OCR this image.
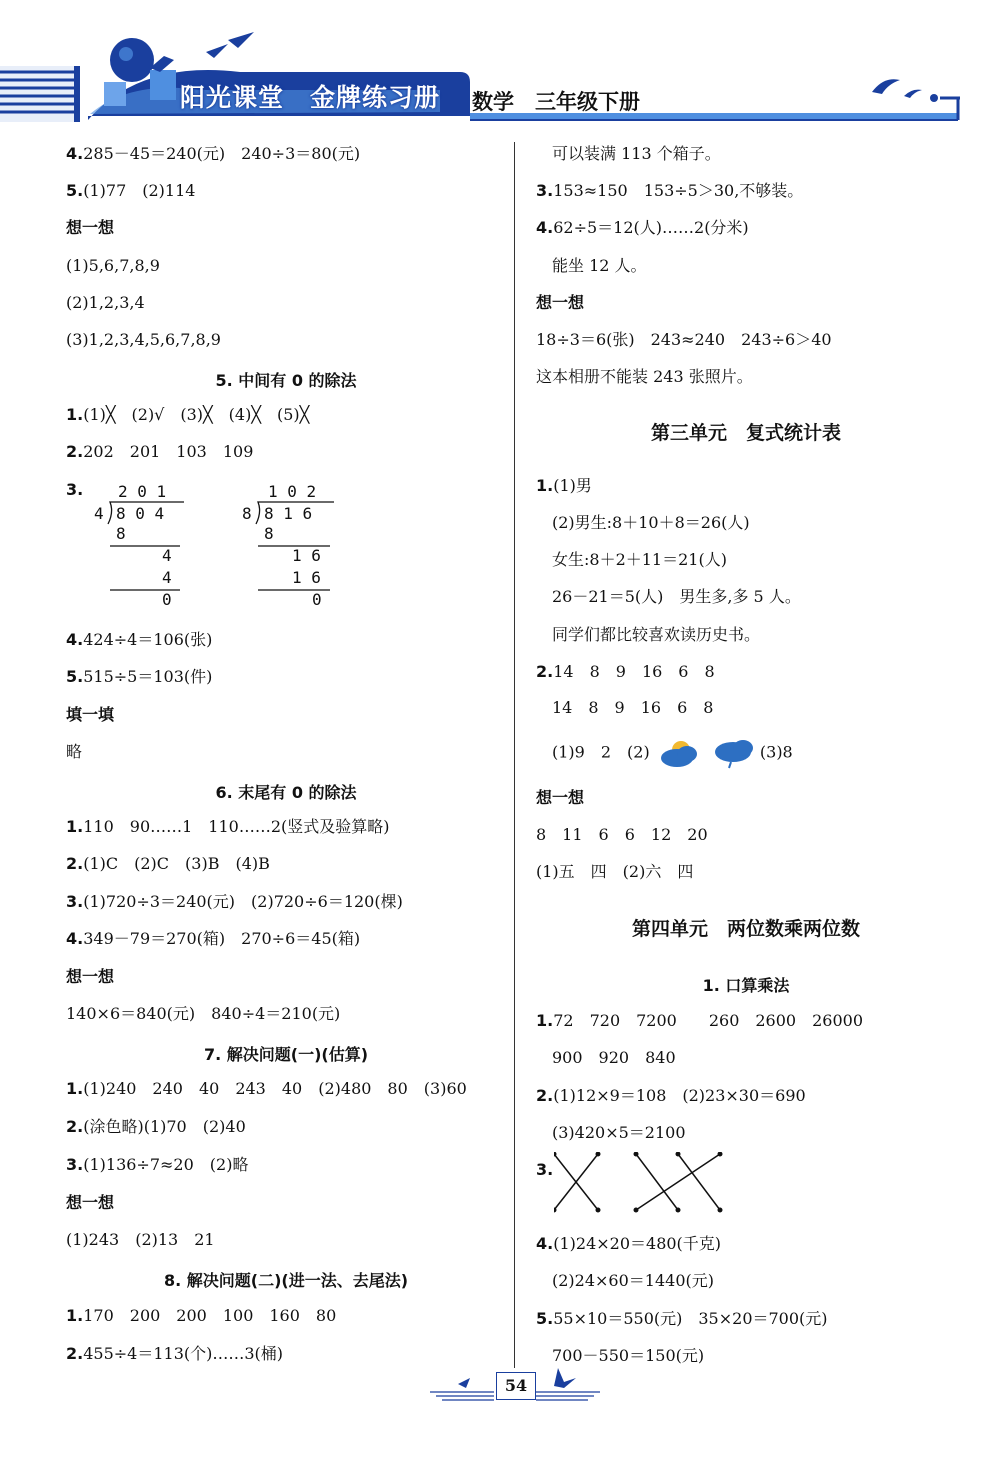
阳光课堂　金牌练习册 数学　三年级下册
4.285－45＝240(元)　240÷3＝80(元)
5.(1)77　(2)114
想一想
(1)5,6,7,8,9
(2)1,2,3,4
(3)1,2,3,4,5,6,7,8,9
5. 中间有 0 的除法
1.(1)╳　(2)√　(3)╳　(4)╳　(5)╳
2.202　201　103　109
3. 2 0 1
4 8 0 4
8
4
4
0
1 0 2
8 8 1 6
8
1 6
1 6
0
4.424÷4＝106(张)
5.515÷5＝103(件)
填一填
略
6. 末尾有 0 的除法
1.110　90……1　110……2(竖式及验算略)
2.(1)C　(2)C　(3)B　(4)B
3.(1)720÷3＝240(元)　(2)720÷6＝120(棵)
4.349－79＝270(箱)　270÷6＝45(箱)
想一想
140×6＝840(元)　840÷4＝210(元)
7. 解决问题(一)(估算)
1.(1)240　240　40　243　40　(2)480　80　(3)60
2.(涂色略)(1)70　(2)40
3.(1)136÷7≈20　(2)略
想一想
(1)243　(2)13　21
8. 解决问题(二)(进一法、去尾法)
1.170　200　200　100　160　80
2.455÷4＝113(个)……3(桶)
可以装满 113 个箱子。
3.153≈150　153÷5＞30,不够装。
4.62÷5＝12(人)……2(分米)
能坐 12 人。
想一想
18÷3＝6(张)　243≈240　243÷6＞40
这本相册不能装 243 张照片。
第三单元　复式统计表
1.(1)男
(2)男生:8＋10＋8＝26(人)
女生:8＋2＋11＝21(人)
26－21＝5(人)　男生多,多 5 人。
同学们都比较喜欢读历史书。
2.14　8　9　16　6　8
14　8　9　16　6　8
(1)9　2　(2)	(3)8
想一想
8　11　6　6　12　20
(1)五　四　(2)六　四
第四单元　两位数乘两位数
1. 口算乘法
1.72　720　7200　　260　2600　26000
900　920　840
2.(1)12×9＝108　(2)23×30＝690
(3)420×5＝2100
3.
4.(1)24×20＝480(千克)
(2)24×60＝1440(元)
5.55×10＝550(元)　35×20＝700(元)
700－550＝150(元)
54
